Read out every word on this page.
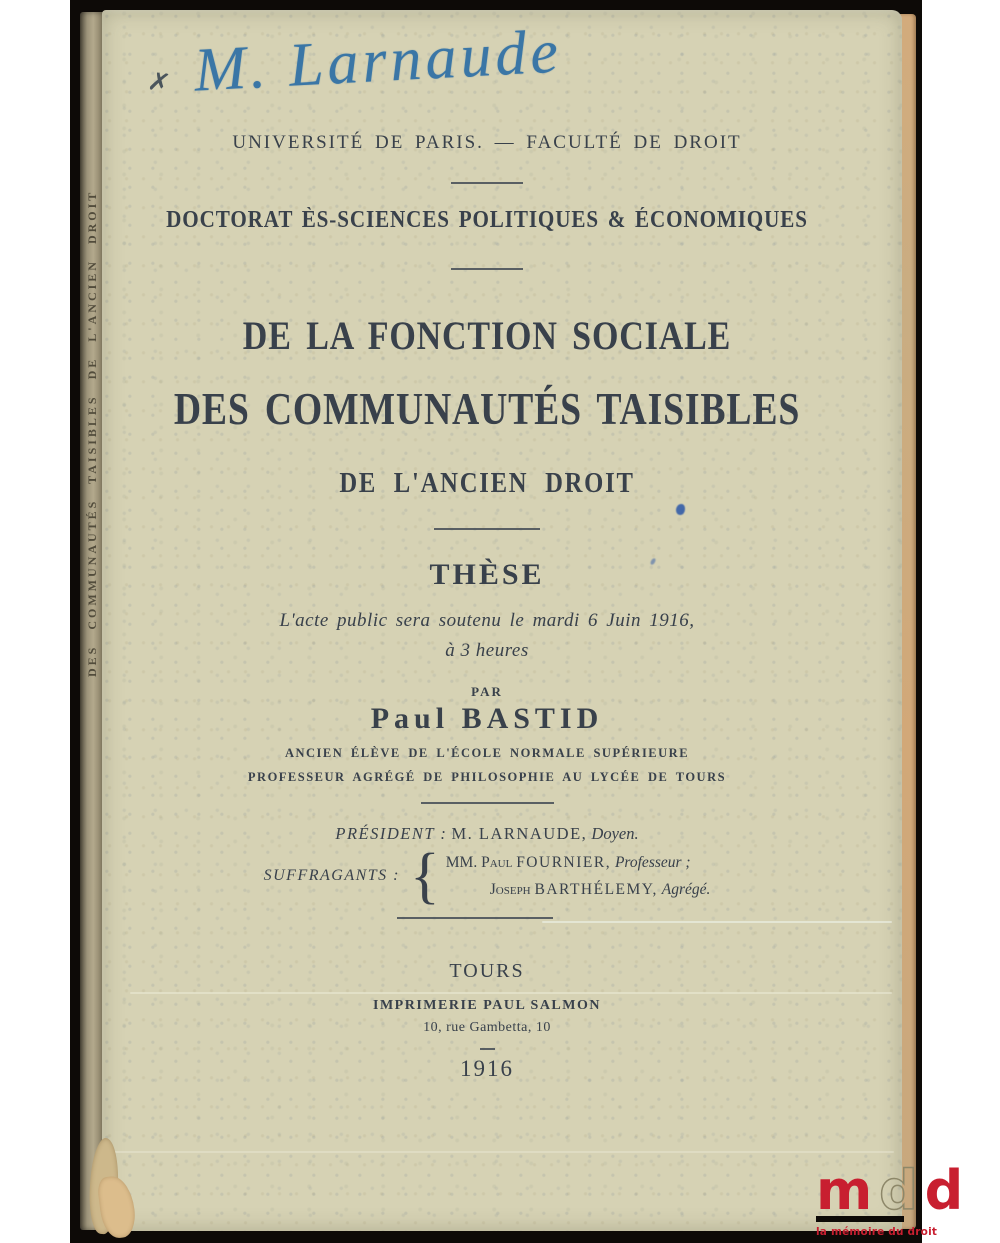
DES COMMUNAUTÉS TAISIBLES DE L'ANCIEN DROIT
✗ M. Larnaude
UNIVERSITÉ DE PARIS. — FACULTÉ DE DROIT
DOCTORAT ÈS-SCIENCES POLITIQUES & ÉCONOMIQUES
DE LA FONCTION SOCIALE
DES COMMUNAUTÉS TAISIBLES
DE L'ANCIEN DROIT
THÈSE
L'acte public sera soutenu le mardi 6 Juin 1916,
à 3 heures
PAR
Paul BASTID
ANCIEN ÉLÈVE DE L'ÉCOLE NORMALE SUPÉRIEURE
PROFESSEUR AGRÉGÉ DE PHILOSOPHIE AU LYCÉE DE TOURS
PRÉSIDENT : M. LARNAUDE, Doyen.
SUFFRAGANTS : { MM. Paul FOURNIER, Professeur ;
Joseph BARTHÉLEMY, Agrégé.
TOURS
IMPRIMERIE PAUL SALMON
10, rue Gambetta, 10
1916
m d d
la mémoire du droit
